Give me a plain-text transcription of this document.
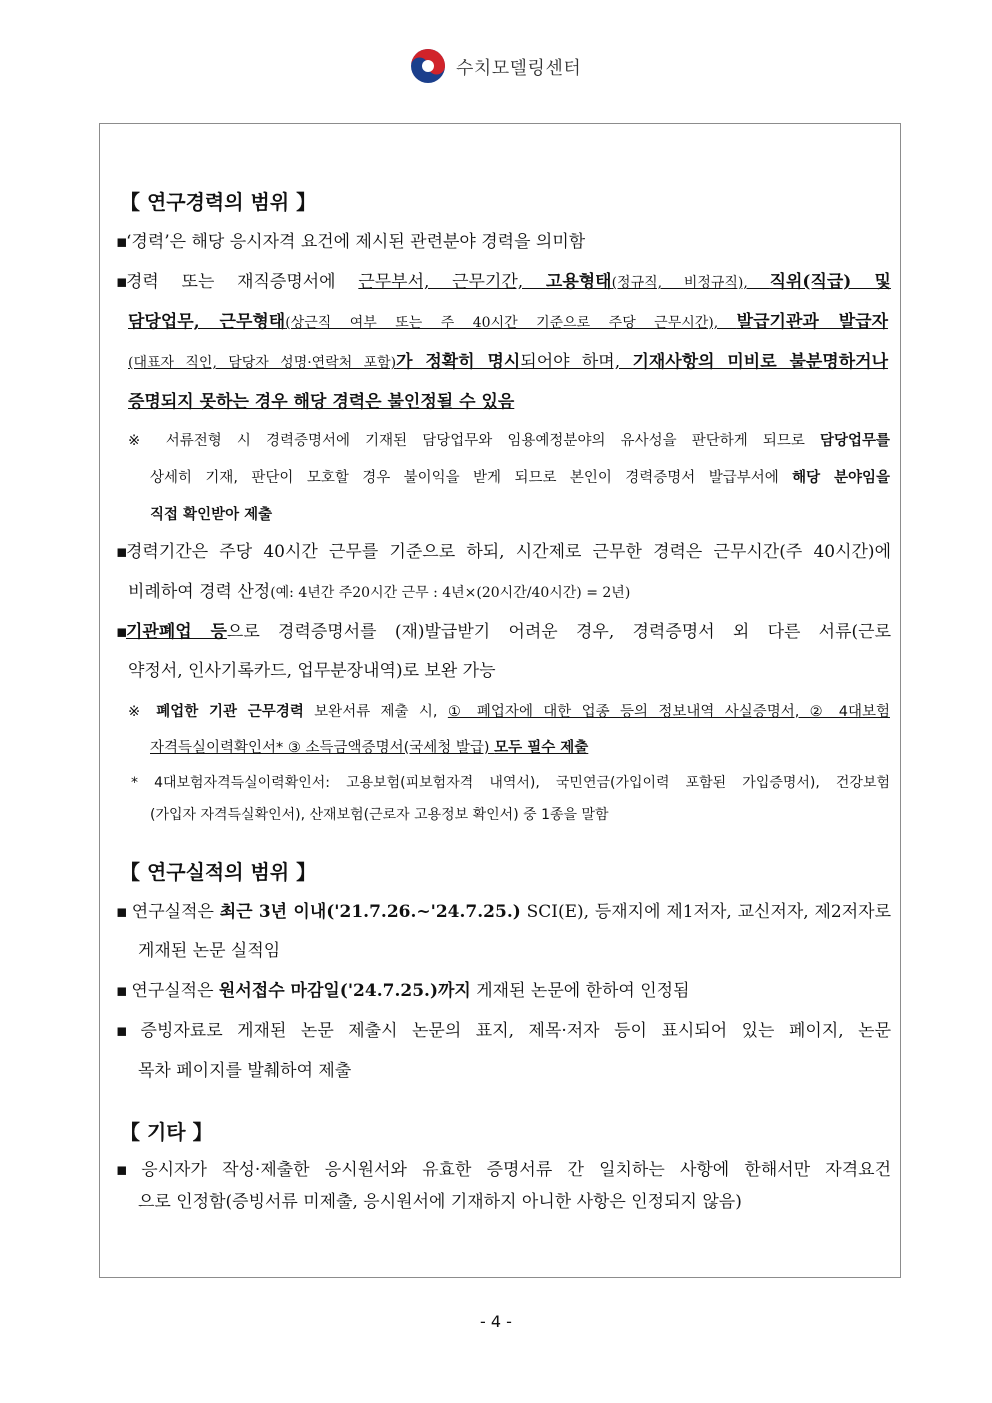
수치모델링센터
【 연구경력의 범위 】
▪‘경력’은 해당 응시자격 요건에 제시된 관련분야 경력을 의미함
▪경력 또는 재직증명서에 근무부서, 근무기간, 고용형태(정규직, 비정규직), 직위(직급) 및
담당업무, 근무형태(상근직 여부 또는 주 40시간 기준으로 주당 근무시간), 발급기관과 발급자
(대표자 직인, 담당자 성명·연락처 포함)가 정확히 명시되어야 하며, 기재사항의 미비로 불분명하거나
증명되지 못하는 경우 해당 경력은 불인정될 수 있음
※ 서류전형 시 경력증명서에 기재된 담당업무와 임용예정분야의 유사성을 판단하게 되므로 담당업무를
상세히 기재, 판단이 모호할 경우 불이익을 받게 되므로 본인이 경력증명서 발급부서에 해당 분야임을
직접 확인받아 제출
▪경력기간은 주당 40시간 근무를 기준으로 하되, 시간제로 근무한 경력은 근무시간(주 40시간)에
비례하여 경력 산정(예: 4년간 주20시간 근무 : 4년×(20시간/40시간) = 2년)
▪기관폐업 등으로 경력증명서를 (재)발급받기 어려운 경우, 경력증명서 외 다른 서류(근로
약정서, 인사기록카드, 업무분장내역)로 보완 가능
※ 폐업한 기관 근무경력 보완서류 제출 시, ① 폐업자에 대한 업종 등의 정보내역 사실증명서, ② 4대보험
자격득실이력확인서* ③ 소득금액증명서(국세청 발급) 모두 필수 제출
* 4대보험자격득실이력확인서: 고용보험(피보험자격 내역서), 국민연금(가입이력 포함된 가입증명서), 건강보험
(가입자 자격득실확인서), 산재보험(근로자 고용정보 확인서) 중 1종을 말함
【 연구실적의 범위 】
▪ 연구실적은 최근 3년 이내('21.7.26.~'24.7.25.) SCI(E), 등재지에 제1저자, 교신저자, 제2저자로
게재된 논문 실적임
▪ 연구실적은 원서접수 마감일('24.7.25.)까지 게재된 논문에 한하여 인정됨
▪ 증빙자료로 게재된 논문 제출시 논문의 표지, 제목·저자 등이 표시되어 있는 페이지, 논문
목차 페이지를 발췌하여 제출
【 기타 】
▪ 응시자가 작성·제출한 응시원서와 유효한 증명서류 간 일치하는 사항에 한해서만 자격요건
으로 인정함(증빙서류 미제출, 응시원서에 기재하지 아니한 사항은 인정되지 않음)
- 4 -
